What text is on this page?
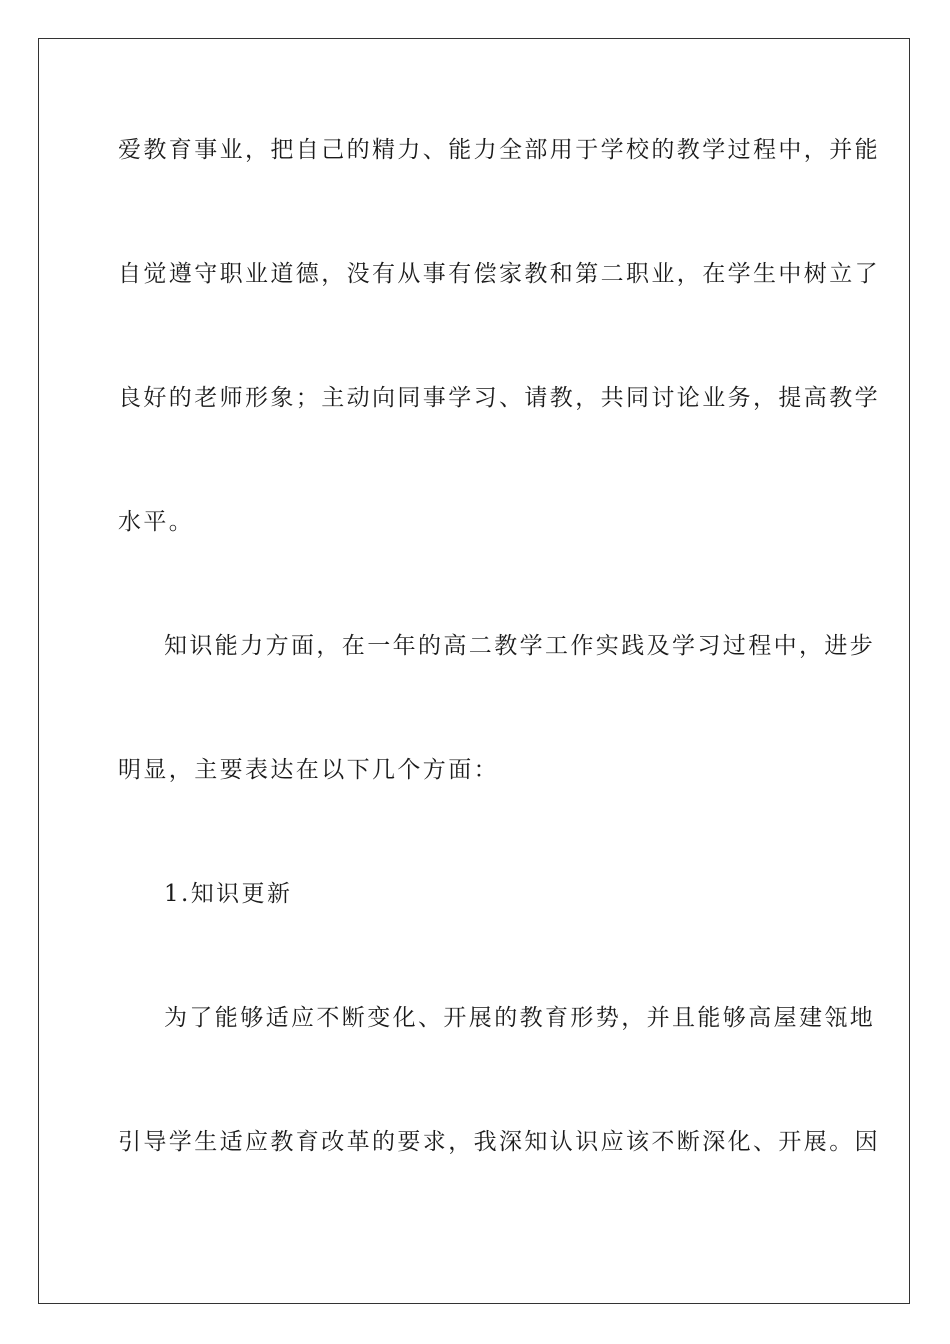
爱教育事业，把自己的精力、能力全部用于学校的教学过程中，并能
自觉遵守职业道德，没有从事有偿家教和第二职业，在学生中树立了
良好的老师形象；主动向同事学习、请教，共同讨论业务，提高教学
水平。
知识能力方面，在一年的高二教学工作实践及学习过程中，进步
明显，主要表达在以下几个方面：
1.知识更新
为了能够适应不断变化、开展的教育形势，并且能够高屋建瓴地
引导学生适应教育改革的要求，我深知认识应该不断深化、开展。因
